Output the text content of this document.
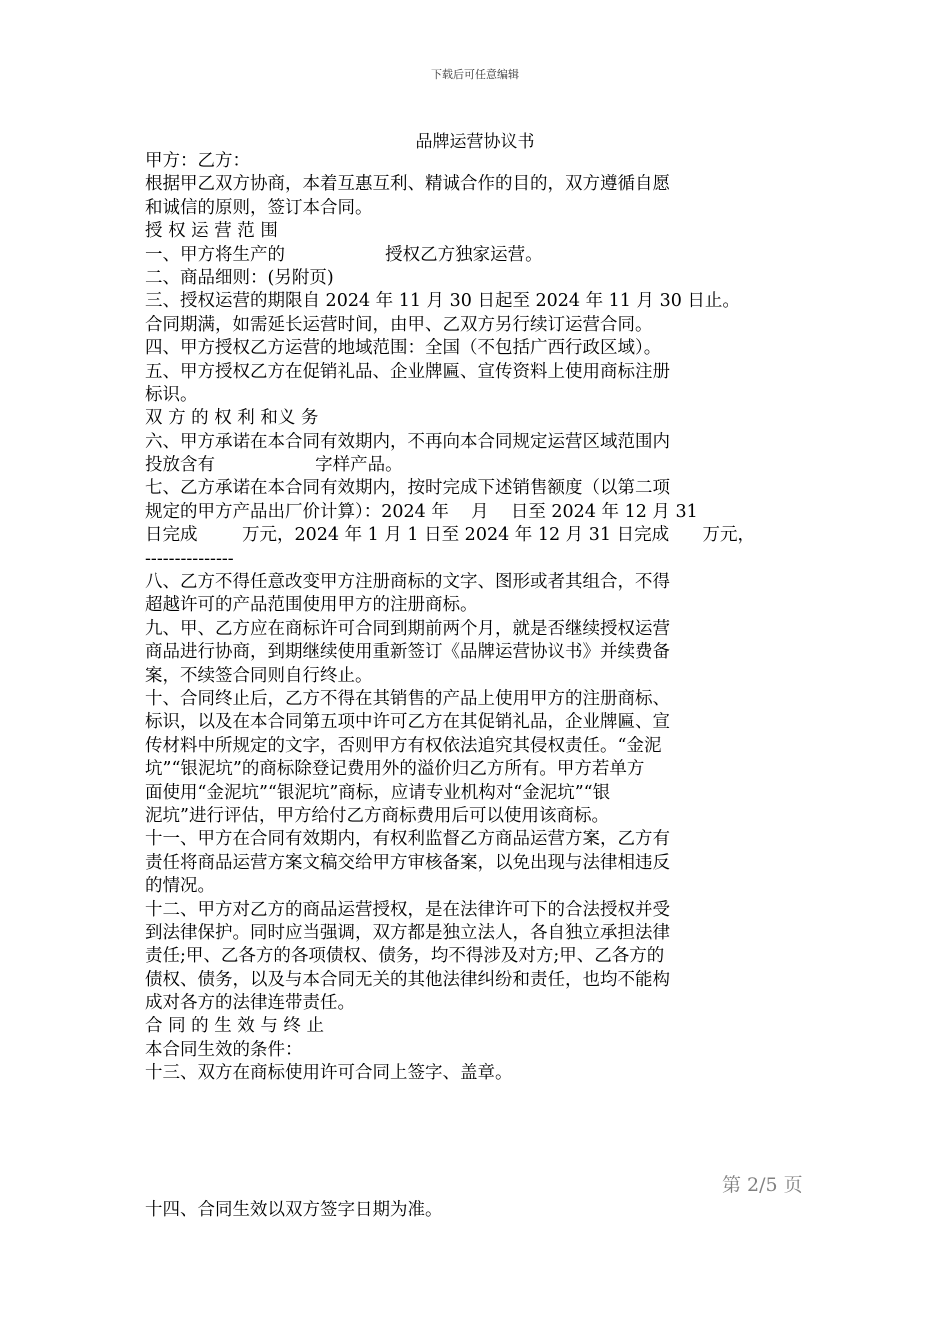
下载后可任意编辑
品牌运营协议书
甲方：乙方：
根据甲乙双方协商，本着互惠互利、精诚合作的目的，双方遵循自愿
和诚信的原则，签订本合同。
授 权 运 营 范 围
一、甲方将生产的                  授权乙方独家运营。
二、商品细则：(另附页)
三、授权运营的期限自 2024 年 11 月 30 日起至 2024 年 11 月 30 日止。
合同期满，如需延长运营时间，由甲、乙双方另行续订运营合同。
四、甲方授权乙方运营的地域范围：全国（不包括广西行政区域）。
五、甲方授权乙方在促销礼品、企业牌匾、宣传资料上使用商标注册
标识。
双 方 的 权 利 和义 务
六、甲方承诺在本合同有效期内，不再向本合同规定运营区域范围内
投放含有                  字样产品。
七、乙方承诺在本合同有效期内，按时完成下述销售额度（以第二项
规定的甲方产品出厂价计算）：2024 年    月    日至 2024 年 12 月 31
日完成        万元，2024 年 1 月 1 日至 2024 年 12 月 31 日完成      万元，
---------------
八、乙方不得任意改变甲方注册商标的文字、图形或者其组合，不得
超越许可的产品范围使用甲方的注册商标。
九、甲、乙方应在商标许可合同到期前两个月，就是否继续授权运营
商品进行协商，到期继续使用重新签订《品牌运营协议书》并续费备
案，不续签合同则自行终止。
十、合同终止后，乙方不得在其销售的产品上使用甲方的注册商标、
标识，以及在本合同第五项中许可乙方在其促销礼品，企业牌匾、宣
传材料中所规定的文字，否则甲方有权依法追究其侵权责任。“金泥
坑”“银泥坑”的商标除登记费用外的溢价归乙方所有。甲方若单方
面使用“金泥坑”“银泥坑”商标，应请专业机构对“金泥坑”“银
泥坑”进行评估，甲方给付乙方商标费用后可以使用该商标。
十一、甲方在合同有效期内，有权利监督乙方商品运营方案，乙方有
责任将商品运营方案文稿交给甲方审核备案，以免出现与法律相违反
的情况。
十二、甲方对乙方的商品运营授权，是在法律许可下的合法授权并受
到法律保护。同时应当强调，双方都是独立法人，各自独立承担法律
责任;甲、乙各方的各项债权、债务，均不得涉及对方;甲、乙各方的
债权、债务，以及与本合同无关的其他法律纠纷和责任，也均不能构
成对各方的法律连带责任。
合 同 的 生 效 与 终 止
本合同生效的条件：
十三、双方在商标使用许可合同上签字、盖章。
第 2/5 页
十四、合同生效以双方签字日期为准。
